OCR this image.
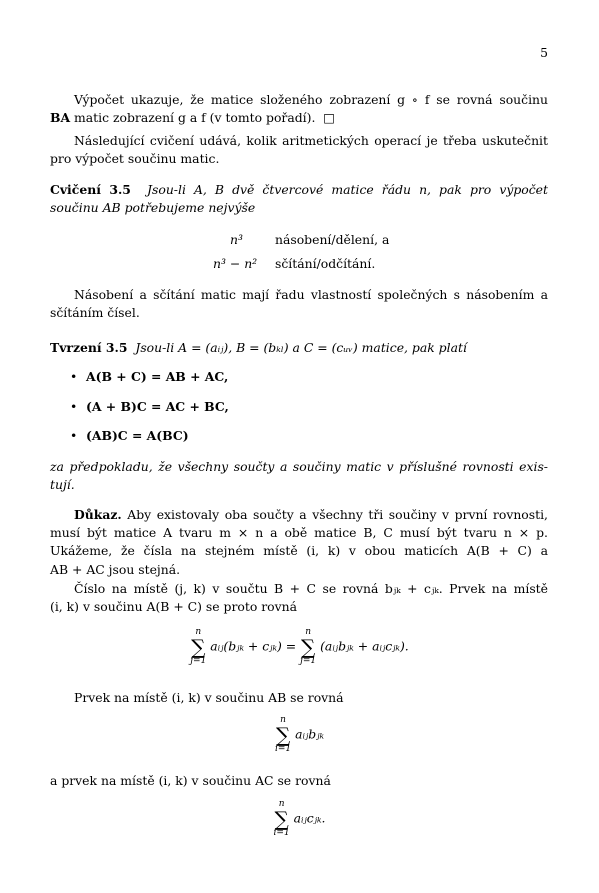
5
Výpočet ukazuje, že matice složeného zobrazení g ∘ f se rovná součinu
BA matic zobrazení g a f (v tomto pořadí). □
Následující cvičení udává, kolik aritmetických operací je třeba uskutečnit
pro výpočet součinu matic.
Cvičení 3.5 Jsou-li A, B dvě čtvercové matice řádu n, pak pro výpočet
součinu AB potřebujeme nejvýše
n³	násobení/dělení, a
n³ − n² sčítání/odčítání.
Násobení a sčítání matic mají řadu vlastností společných s násobením a
sčítáním čísel.
Tvrzení 3.5 Jsou-li A = (aᵢⱼ), B = (bₖₗ) a C = (cᵤᵥ) matice, pak platí
• A(B + C) = AB + AC,
• (A + B)C = AC + BC,
• (AB)C = A(BC)
za předpokladu, že všechny součty a součiny matic v příslušné rovnosti exis-
tují.
Důkaz. Aby existovaly oba součty a všechny tři součiny v první rovnosti,
musí být matice A tvaru m × n a obě matice B, C musí být tvaru n × p.
Ukážeme, že čísla na stejném místě (i, k) v obou maticích A(B + C) a
AB + AC jsou stejná.
Číslo na místě (j, k) v součtu B + C se rovná bⱼₖ + cⱼₖ. Prvek na místě
(i, k) v součinu A(B + C) se proto rovná
n
∑
j=1
aᵢⱼ(bⱼₖ + cⱼₖ) =
n
∑
j=1
(aᵢⱼbⱼₖ + aᵢⱼcⱼₖ).
Prvek na místě (i, k) v součinu AB se rovná
n
∑
i=1
aᵢⱼbⱼₖ
a prvek na místě (i, k) v součinu AC se rovná
n
∑
i=1
aᵢⱼcⱼₖ.
